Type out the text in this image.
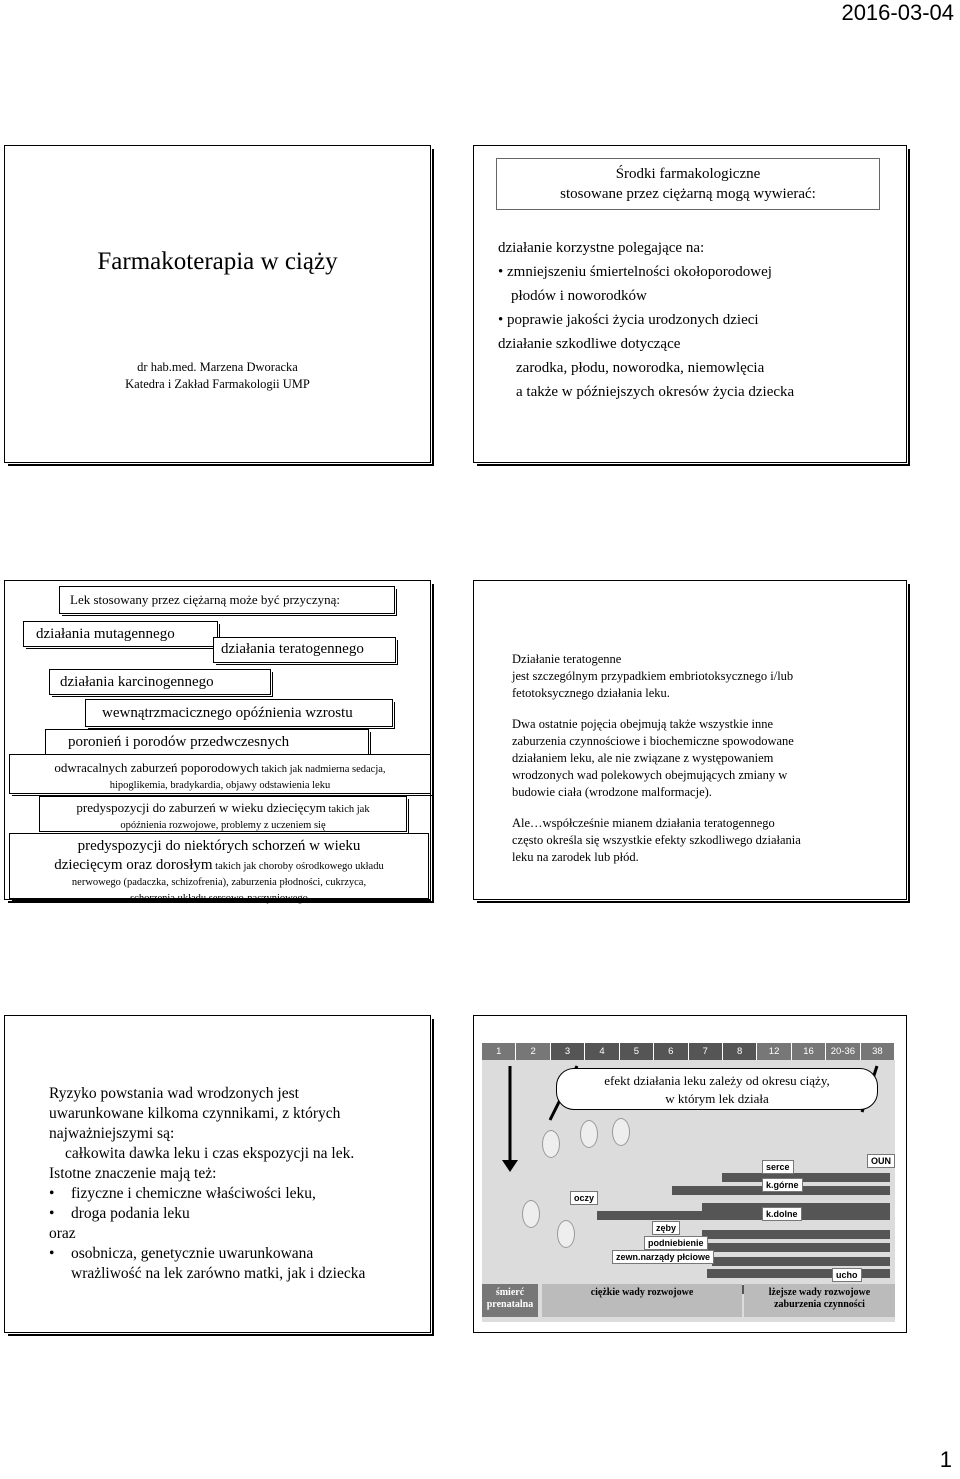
2016-03-04
Farmakoterapia w ciąży
dr hab.med. Marzena Dworacka
Katedra i Zakład Farmakologii UMP
Środki farmakologiczne
stosowane przez ciężarną mogą wywierać:
działanie korzystne polegające na:
• zmniejszeniu śmiertelności okołoporodowej
płodów i noworodków
• poprawie jakości życia urodzonych dzieci
działanie szkodliwe dotyczące
zarodka, płodu, noworodka, niemowlęcia
a także w późniejszych okresów życia dziecka
Lek stosowany przez ciężarną może być przyczyną:
działania mutagennego
działania teratogennego
działania karcinogennego
wewnątrzmacicznego opóźnienia wzrostu
poronień i porodów przedwczesnych
odwracalnych zaburzeń poporodowych takich jak nadmierna sedacja,
hipoglikemia, bradykardia, objawy odstawienia leku
predyspozycji do zaburzeń w wieku dziecięcym takich jak
opóźnienia rozwojowe, problemy z uczeniem się
predyspozycji do niektórych schorzeń w wieku
dziecięcym oraz dorosłym takich jak choroby ośrodkowego układu
nerwowego (padaczka, schizofrenia), zaburzenia płodności, cukrzyca,
schorzenia układu sercowo-naczyniowego

Działanie teratogenne
jest szczególnym przypadkiem embriotoksycznego i/lub
fetotoksycznego działania leku.

Dwa ostatnie pojęcia obejmują także wszystkie inne
zaburzenia czynnościowe i biochemiczne spowodowane
działaniem leku, ale nie związane z występowaniem
wrodzonych wad polekowych obejmujących zmiany w
budowie ciała (wrodzone malformacje).

Ale…współcześnie mianem działania teratogennego
często określa się wszystkie efekty szkodliwego działania
leku na zarodek lub płód.

Ryzyko powstania wad wrodzonych jest
uwarunkowane kilkoma czynnikami, z których
najważniejszymi są:
całkowita dawka leku i czas ekspozycji na lek.
Istotne znaczenie mają też:
• fizyczne i chemiczne właściwości leku,
• droga podania leku
oraz
• osobnicza, genetycznie uwarunkowana
wrażliwość na lek zarówno matki, jak i dziecka
1	2	3	4	5	6	7	8	12	16	20-36	38
OUN
serce
k.górne
oczy
k.dolne
zęby
podniebienie
zewn.narządy płciowe
ucho
efekt działania leku zależy od okresu ciąży,
w którym lek działa
śmierć
prenatalna
ciężkie wady rozwojowe	lżejsze wady rozwojowe
zaburzenia czynności
1
